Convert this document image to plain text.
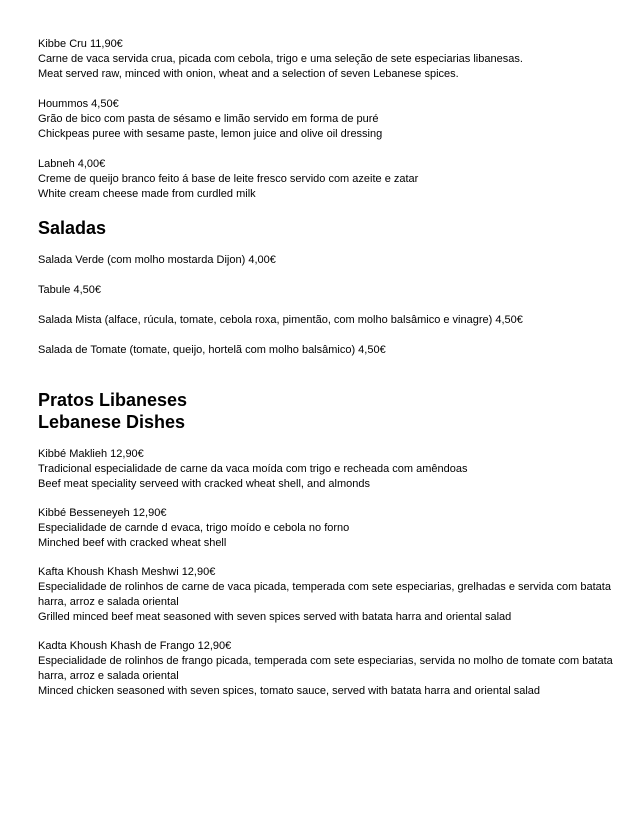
Kibbe Cru 11,90€

Carne de vaca servida crua, picada com cebola, trigo e uma seleção de sete especiarias libanesas.

Meat served raw, minced with onion, wheat and a selection of seven Lebanese spices.

Hoummos 4,50€

Grão de bico com pasta de sésamo e limão servido em forma de puré

Chickpeas puree with sesame paste, lemon juice and olive oil dressing

Labneh 4,00€

Creme de queijo branco feito á base de leite fresco servido com azeite e zatar

White cream cheese made from curdled milk

Saladas

Salada Verde (com molho mostarda Dijon) 4,00€

Tabule 4,50€

Salada Mista (alface, rúcula, tomate, cebola roxa, pimentão, com molho balsâmico e vinagre) 4,50€

Salada de Tomate (tomate, queijo, hortelã com molho balsâmico) 4,50€

Pratos Libaneses
Lebanese Dishes

Kibbé Maklieh 12,90€

Tradicional especialidade de carne da vaca moída com trigo e recheada com amêndoas

Beef meat speciality serveed with cracked wheat shell, and almonds

Kibbé Besseneyeh 12,90€

Especialidade de carnde d evaca, trigo moído e cebola no forno

Minched beef with cracked wheat shell

Kafta Khoush Khash Meshwi 12,90€

Especialidade de rolinhos de carne de vaca picada, temperada com sete especiarias, grelhadas e servida com batata harra, arroz e salada oriental

Grilled minced beef meat seasoned with seven spices served with batata harra and oriental salad

Kadta Khoush Khash de Frango 12,90€

Especialidade de rolinhos de frango picada, temperada com sete especiarias, servida no molho de tomate com batata harra, arroz e salada oriental

Minced chicken seasoned with seven spices, tomato sauce, served with batata harra and oriental salad
